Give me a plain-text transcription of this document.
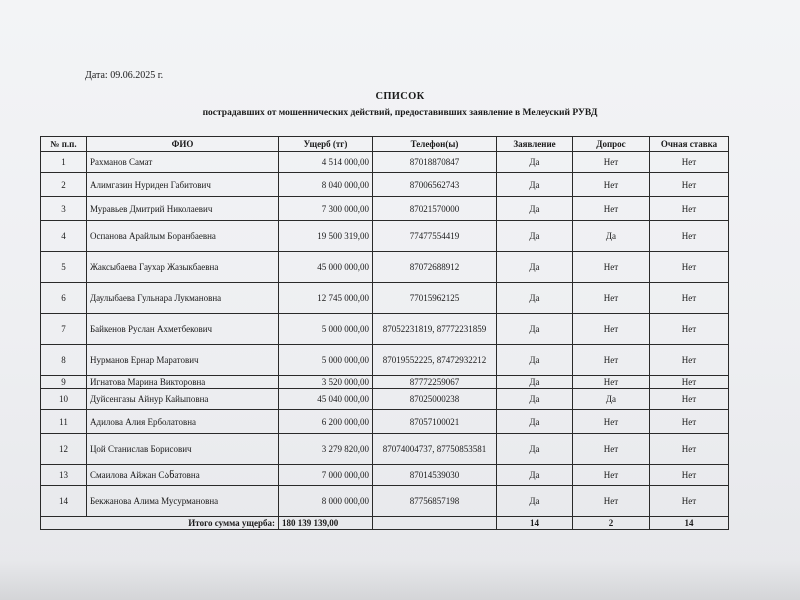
Дата: 09.06.2025 г.
СПИСОК
пострадавших от мошеннических действий, предоставивших заявление в Мелеуский РУВД
№ п.п.	ФИО	Ущерб (тг)	Телефон(ы)	Заявление	Допрос	Очная ставка
1	Рахманов Самат	4 514 000,00	87018870847	Да	Нет	Нет
2	Алимгазин Нуриден Габитович	8 040 000,00	87006562743	Да	Нет	Нет
3	Муравьев Дмитрий Николаевич	7 300 000,00	87021570000	Да	Нет	Нет
4	Оспанова Арайлым Боранбаевна	19 500 319,00	77477554419	Да	Да	Нет
5	Жаксыбаева Гаухар Жазыкбаевна	45 000 000,00	87072688912	Да	Нет	Нет
6	Даулыбаева Гульнара Лукмановна	12 745 000,00	77015962125	Да	Нет	Нет
7	Байкенов Руслан Ахметбекович	5 000 000,00	87052231819, 87772231859	Да	Нет	Нет
8	Нурманов Ернар Маратович	5 000 000,00	87019552225, 87472932212	Да	Нет	Нет
9	Игнатова Марина Викторовна	3 520 000,00	87772259067	Да	Нет	Нет
10	Дуйсенгазы Айнур Кайыповна	45 040 000,00	87025000238	Да	Да	Нет
11	Адилова Алия Ерболатовна	6 200 000,00	87057100021	Да	Нет	Нет
12	Цой Станислав Борисович	3 279 820,00	87074004737, 87750853581	Да	Нет	Нет
13	Смаилова Айжан Сანатовна	7 000 000,00	87014539030	Да	Нет	Нет
14	Бекжанова Алима Мусурмановна	8 000 000,00	87756857198	Да	Нет	Нет
Итого сумма ущерба:		180 139 139,00		14	2	14
